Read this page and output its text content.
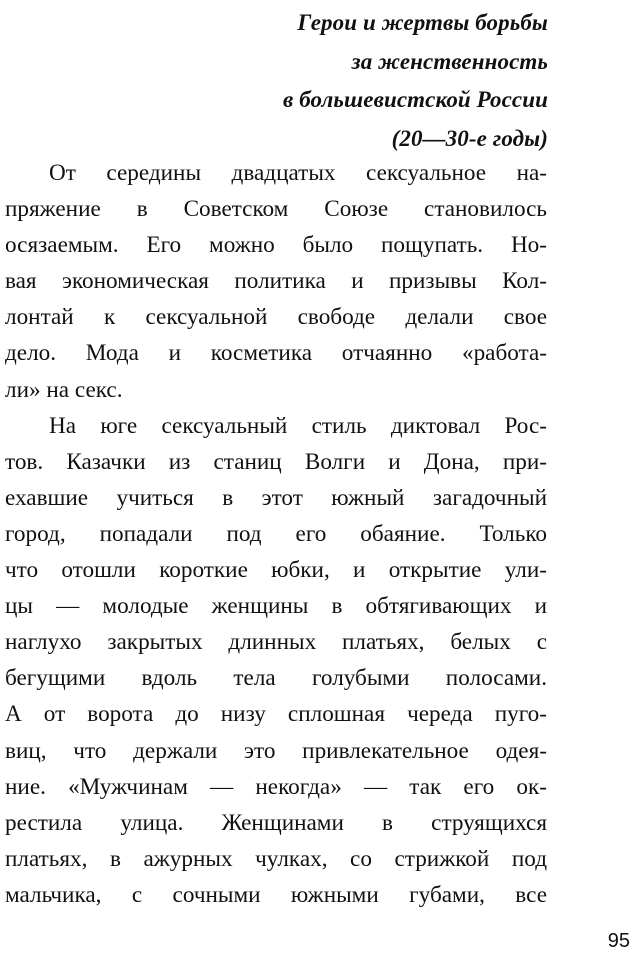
Герои и жертвы борьбы
за женственность
в большевистской России
(20—30-е годы)
От середины двадцатых сексуальное на-
пряжение в Советском Союзе становилось
осязаемым. Его можно было пощупать. Но-
вая экономическая политика и призывы Кол-
лонтай к сексуальной свободе делали свое
дело. Мода и косметика отчаянно «работа-
ли» на секс.
На юге сексуальный стиль диктовал Рос-
тов. Казачки из станиц Волги и Дона, при-
ехавшие учиться в этот южный загадочный
город, попадали под его обаяние. Только
что отошли короткие юбки, и открытие ули-
цы — молодые женщины в обтягивающих и
наглухо закрытых длинных платьях, белых с
бегущими вдоль тела голубыми полосами.
А от ворота до низу сплошная череда пуго-
виц, что держали это привлекательное одея-
ние. «Мужчинам — некогда» — так его ок-
рестила улица. Женщинами в струящихся
платьях, в ажурных чулках, со стрижкой под
мальчика, с сочными южными губами, все
95
